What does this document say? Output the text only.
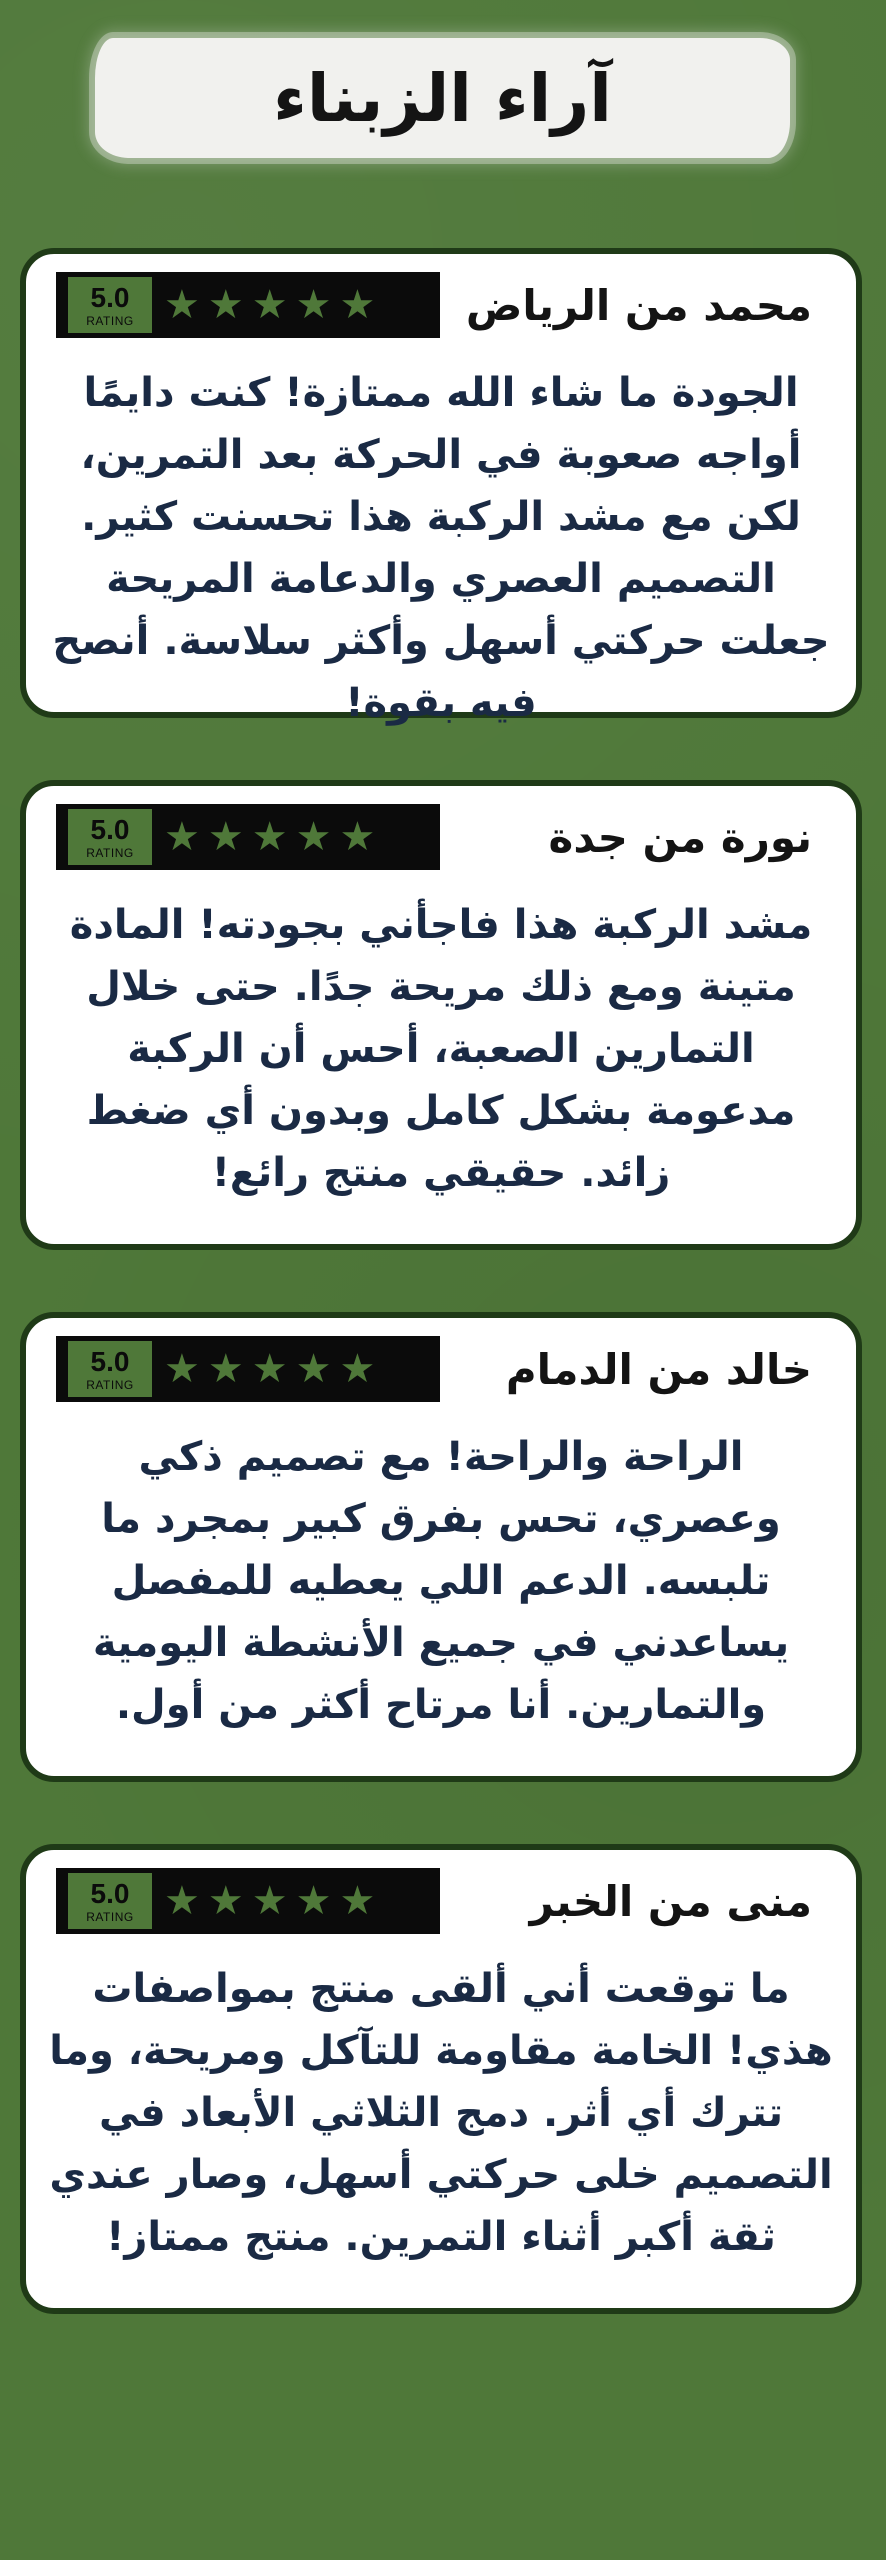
آراء الزبناء
5.0
RATING ★ ★ ★ ★ ★ محمد من الرياض
الجودة ما شاء الله ممتازة! كنت دايمًا أواجه صعوبة في الحركة بعد التمرين، لكن مع مشد الركبة هذا تحسنت كثير. التصميم العصري والدعامة المريحة جعلت حركتي أسهل وأكثر سلاسة. أنصح فيه بقوة!
5.0
RATING ★ ★ ★ ★ ★	نورة من جدة
مشد الركبة هذا فاجأني بجودته! المادة متينة ومع ذلك مريحة جدًا. حتى خلال التمارين الصعبة، أحس أن الركبة مدعومة بشكل كامل وبدون أي ضغط زائد. حقيقي منتج رائع!
5.0
RATING ★ ★ ★ ★ ★	خالد من الدمام
الراحة والراحة! مع تصميم ذكي وعصري، تحس بفرق كبير بمجرد ما تلبسه. الدعم اللي يعطيه للمفصل يساعدني في جميع الأنشطة اليومية والتمارين. أنا مرتاح أكثر من أول.
5.0
RATING ★ ★ ★ ★ ★	منى من الخبر
ما توقعت أني ألقى منتج بمواصفات هذي! الخامة مقاومة للتآكل ومريحة، وما تترك أي أثر. دمج الثلاثي الأبعاد في التصميم خلى حركتي أسهل، وصار عندي ثقة أكبر أثناء التمرين. منتج ممتاز!
